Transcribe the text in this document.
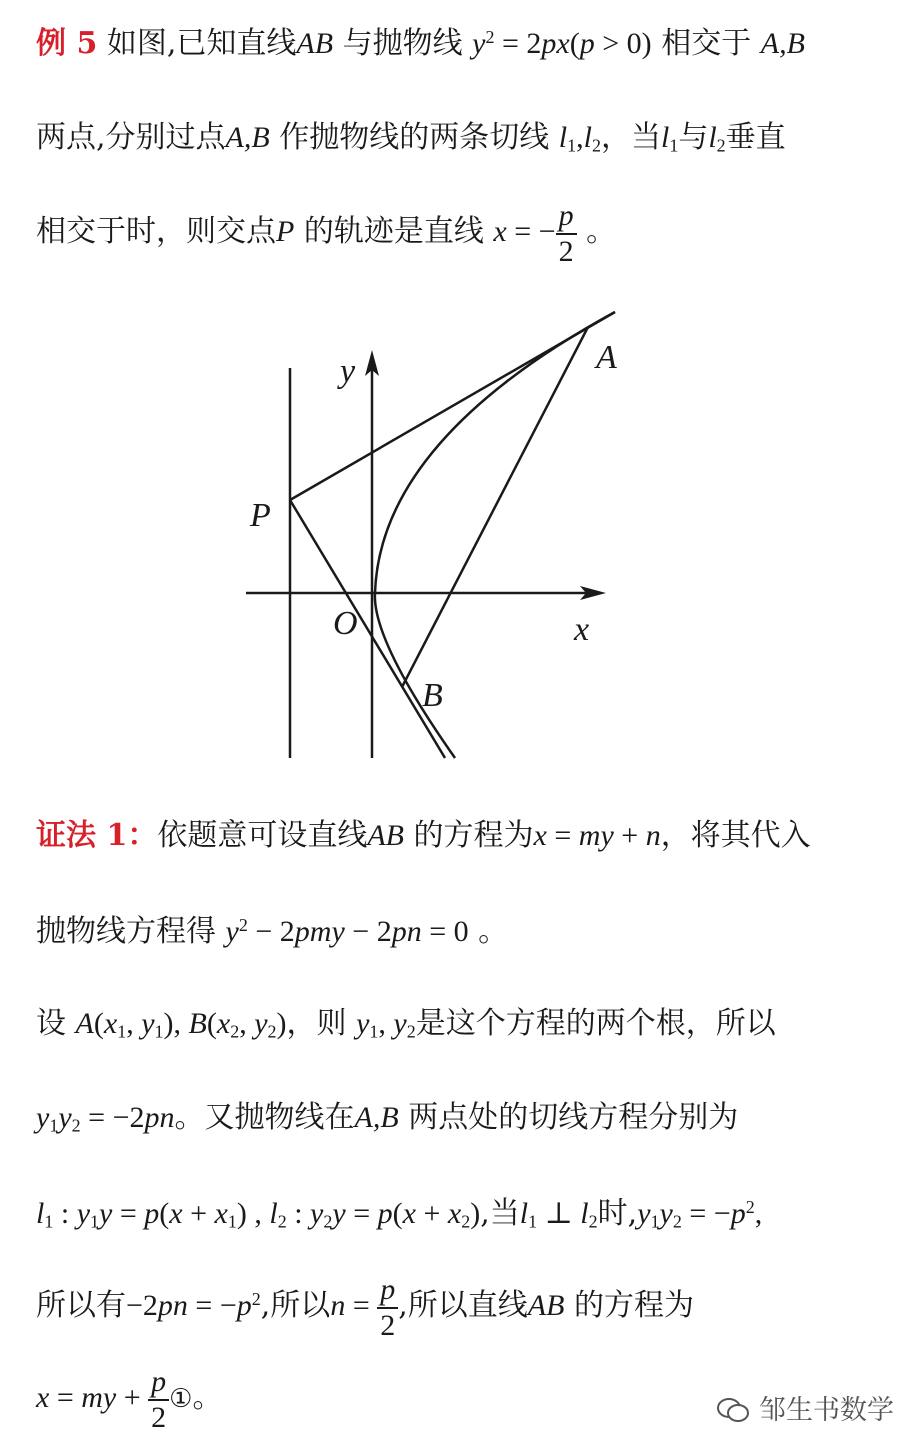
例 5 如图,已知直线AB 与抛物线 $y^2 = 2px(p > 0)$ 相交于 A,B
两点,分别过点A,B 作抛物线的两条切线 $l_1,l_2$，当$l_1$与$l_2$垂直
相交于时，则交点P 的轨迹是直线 x = − $\frac{p}{2}$ 。
y	A
P
O	x
B
证法 1：依题意可设直线AB 的方程为x = my + n，将其代入
抛物线方程得 $y^2 - 2pmy - 2pn = 0$ 。
设 $A(x_1$, $y_1$), $B(x_2$, $y_2$)，则 $y_1$, $y_2$是这个方程的两个根，所以
$y_1y_2 = -2pn$。又抛物线在A,B 两点处的切线方程分别为
$l_1$ : $y_1y = p(x + x_1)$ , $l_2$ : $y_2y = p(x + x_2)$,当$l_1$ ⊥ $l_2$时$,y_1y_2 = -p^2$,
所以有$-2pn = -p^2$,所以$n = \frac{p}{2}$ ,所以直线AB 的方程为
x = my + $\frac{p}{2}$ ①。	邹生书数学
